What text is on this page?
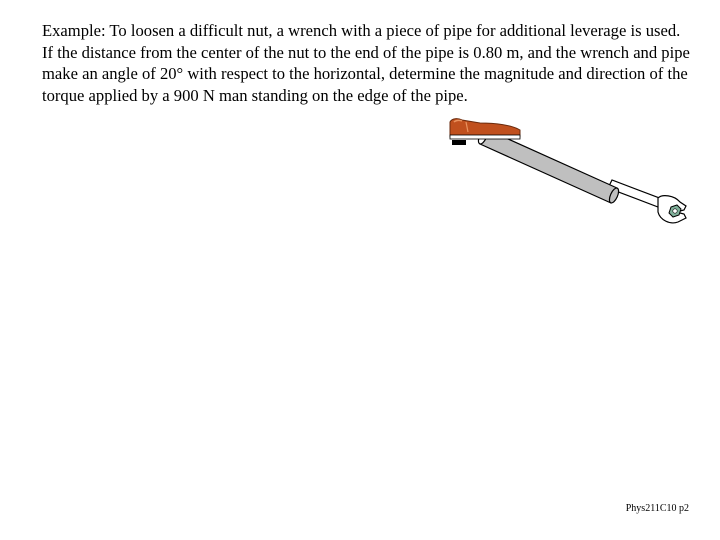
Example: To loosen a difficult nut, a wrench with a piece of pipe for additional leverage is used. If the distance from the center of the nut to the end of the pipe is 0.80 m, and the wrench and pipe make an angle of 20° with respect to the horizontal, determine the magnitude and direction of the torque applied by a 900 N man standing on the edge of the pipe.

Phys211C10 p2
